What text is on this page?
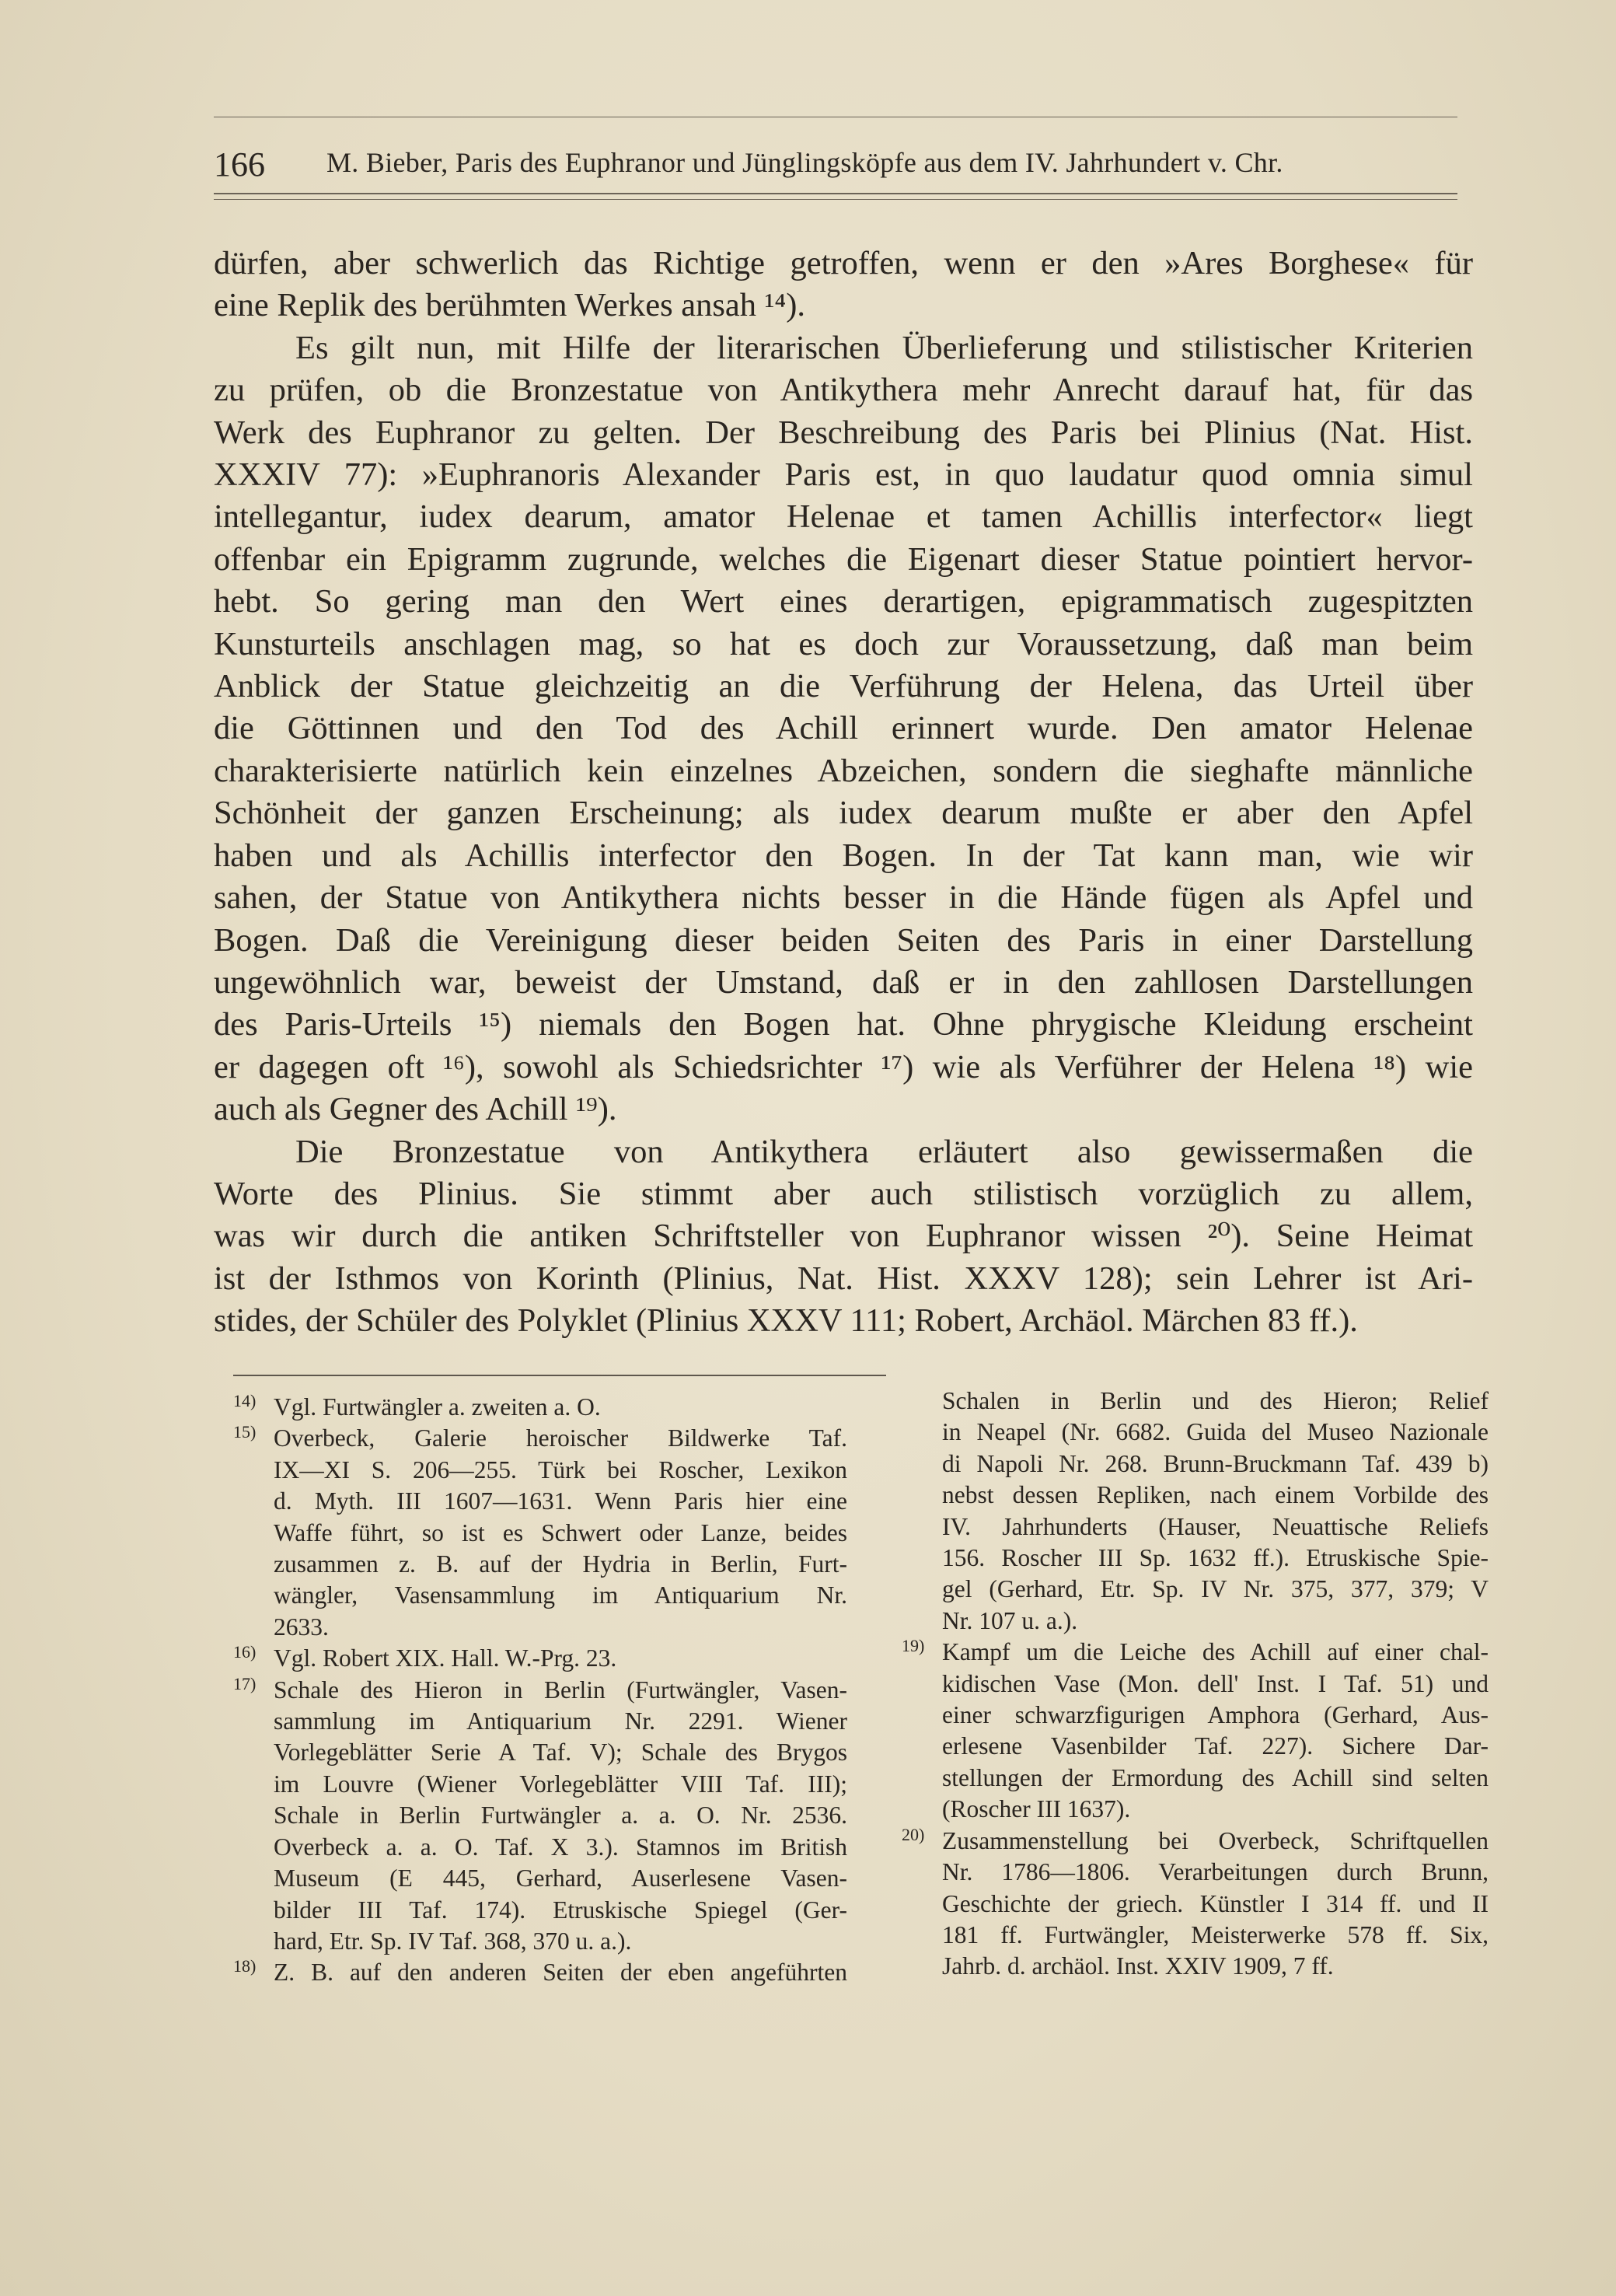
166 M. Bieber, Paris des Euphranor und Jünglingsköpfe aus dem IV. Jahrhundert v. Chr.

dürfen, aber schwerlich das Richtige getroffen, wenn er den »Ares Borghese« für

eine Replik des berühmten Werkes ansah ¹⁴).

Es gilt nun, mit Hilfe der literarischen Überlieferung und stilistischer Kriterien

zu prüfen, ob die Bronzestatue von Antikythera mehr Anrecht darauf hat, für das

Werk des Euphranor zu gelten. Der Beschreibung des Paris bei Plinius (Nat. Hist.

XXXIV 77): »Euphranoris Alexander Paris est, in quo laudatur quod omnia simul

intellegantur, iudex dearum, amator Helenae et tamen Achillis interfector« liegt

offenbar ein Epigramm zugrunde, welches die Eigenart dieser Statue pointiert hervor-

hebt. So gering man den Wert eines derartigen, epigrammatisch zugespitzten

Kunsturteils anschlagen mag, so hat es doch zur Voraussetzung, daß man beim

Anblick der Statue gleichzeitig an die Verführung der Helena, das Urteil über

die Göttinnen und den Tod des Achill erinnert wurde. Den amator Helenae

charakterisierte natürlich kein einzelnes Abzeichen, sondern die sieghafte männliche

Schönheit der ganzen Erscheinung; als iudex dearum mußte er aber den Apfel

haben und als Achillis interfector den Bogen. In der Tat kann man, wie wir

sahen, der Statue von Antikythera nichts besser in die Hände fügen als Apfel und

Bogen. Daß die Vereinigung dieser beiden Seiten des Paris in einer Darstellung

ungewöhnlich war, beweist der Umstand, daß er in den zahllosen Darstellungen

des Paris-Urteils ¹⁵) niemals den Bogen hat. Ohne phrygische Kleidung erscheint

er dagegen oft ¹⁶), sowohl als Schiedsrichter ¹⁷) wie als Verführer der Helena ¹⁸) wie

auch als Gegner des Achill ¹⁹).

Die Bronzestatue von Antikythera erläutert also gewissermaßen die

Worte des Plinius. Sie stimmt aber auch stilistisch vorzüglich zu allem,

was wir durch die antiken Schriftsteller von Euphranor wissen ²⁰). Seine Heimat

ist der Isthmos von Korinth (Plinius, Nat. Hist. XXXV 128); sein Lehrer ist Ari-

stides, der Schüler des Polyklet (Plinius XXXV 111; Robert, Archäol. Märchen 83 ff.).

14) Vgl. Furtwängler a. zweiten a. O.
15) Overbeck, Galerie heroischer Bildwerke Taf.
IX—XI S. 206—255. Türk bei Roscher, Lexikon
d. Myth. III 1607—1631. Wenn Paris hier eine
Waffe führt, so ist es Schwert oder Lanze, beides
zusammen z. B. auf der Hydria in Berlin, Furt-
wängler, Vasensammlung im Antiquarium Nr.
2633.
16) Vgl. Robert XIX. Hall. W.-Prg. 23.
17) Schale des Hieron in Berlin (Furtwängler, Vasen-
sammlung im Antiquarium Nr. 2291. Wiener
Vorlegeblätter Serie A Taf. V); Schale des Brygos
im Louvre (Wiener Vorlegeblätter VIII Taf. III);
Schale in Berlin Furtwängler a. a. O. Nr. 2536.
Overbeck a. a. O. Taf. X 3.). Stamnos im British
Museum (E 445, Gerhard, Auserlesene Vasen-
bilder III Taf. 174). Etruskische Spiegel (Ger-
hard, Etr. Sp. IV Taf. 368, 370 u. a.).
18) Z. B. auf den anderen Seiten der eben angeführten
Schalen in Berlin und des Hieron; Relief
in Neapel (Nr. 6682. Guida del Museo Nazionale
di Napoli Nr. 268. Brunn-Bruckmann Taf. 439 b)
nebst dessen Repliken, nach einem Vorbilde des
IV. Jahrhunderts (Hauser, Neuattische Reliefs
156. Roscher III Sp. 1632 ff.). Etruskische Spie-
gel (Gerhard, Etr. Sp. IV Nr. 375, 377, 379; V
Nr. 107 u. a.).
19) Kampf um die Leiche des Achill auf einer chal-
kidischen Vase (Mon. dell' Inst. I Taf. 51) und
einer schwarzfigurigen Amphora (Gerhard, Aus-
erlesene Vasenbilder Taf. 227). Sichere Dar-
stellungen der Ermordung des Achill sind selten
(Roscher III 1637).
20) Zusammenstellung bei Overbeck, Schriftquellen
Nr. 1786—1806. Verarbeitungen durch Brunn,
Geschichte der griech. Künstler I 314 ff. und II
181 ff. Furtwängler, Meisterwerke 578 ff. Six,
Jahrb. d. archäol. Inst. XXIV 1909, 7 ff.
